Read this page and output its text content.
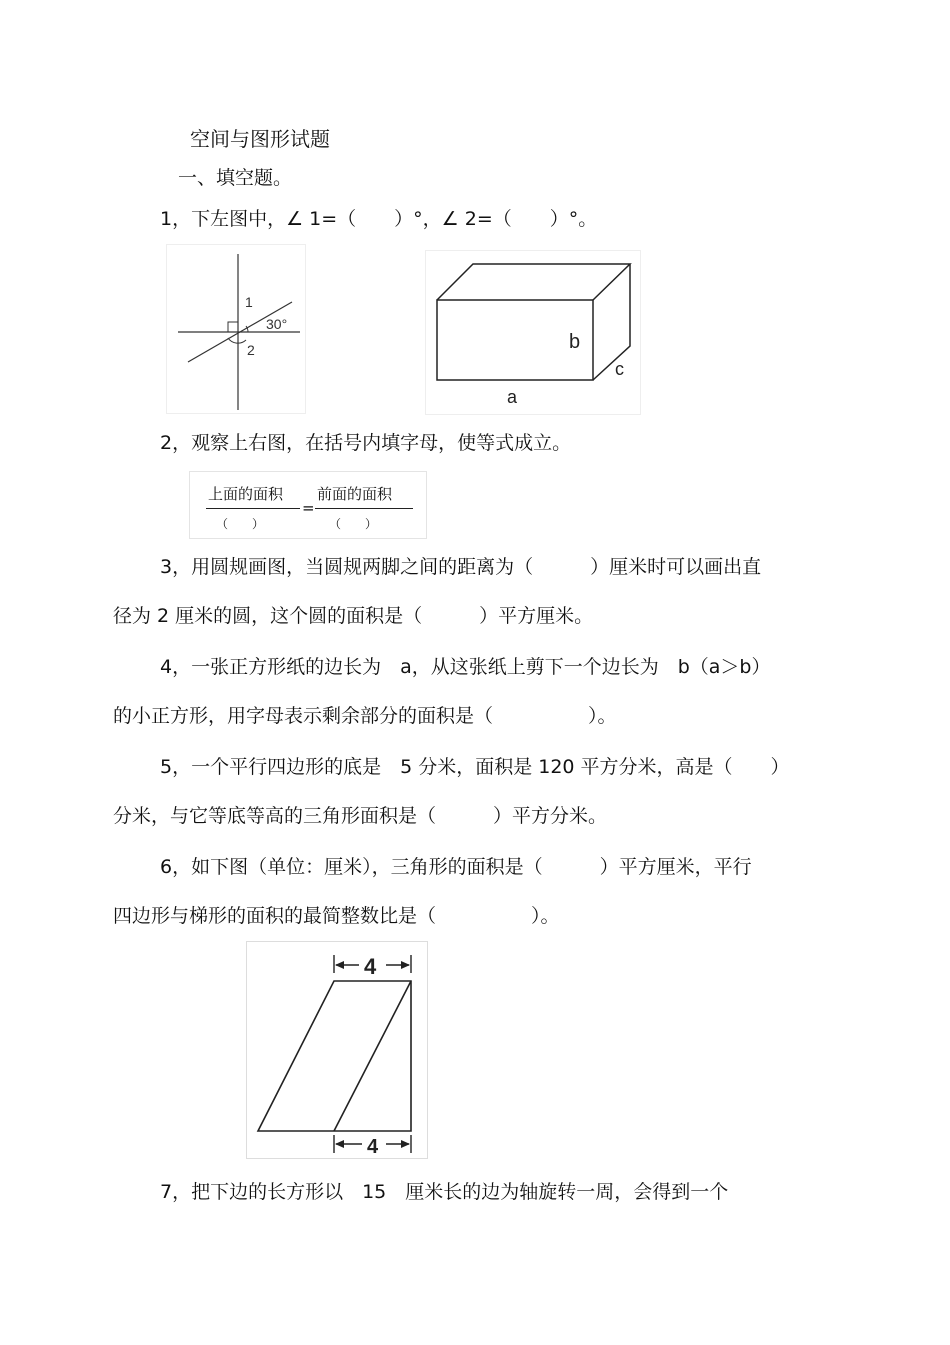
空间与图形试题
一、填空题。
1，下左图中，∠ 1=（　　）°，∠ 2=（　　）°。
1
30°
2	b
c
a
2，观察上右图，在括号内填字母，使等式成立。
上面的面积
（　　）
=
前面的面积
（　　）
3，用圆规画图，当圆规两脚之间的距离为（　　　）厘米时可以画出直
径为 2 厘米的圆，这个圆的面积是（　　　）平方厘米。
4，一张正方形纸的边长为　a，从这张纸上剪下一个边长为　b（a＞b）
的小正方形，用字母表示剩余部分的面积是（　　　　　）。
5，一个平行四边形的底是　5 分米，面积是 120 平方分米，高是（　　）
分米，与它等底等高的三角形面积是（　　　）平方分米。
6，如下图（单位：厘米），三角形的面积是（　　　）平方厘米，平行
四边形与梯形的面积的最简整数比是（　　　　　）。
4
4
7，把下边的长方形以　15　厘米长的边为轴旋转一周，会得到一个
